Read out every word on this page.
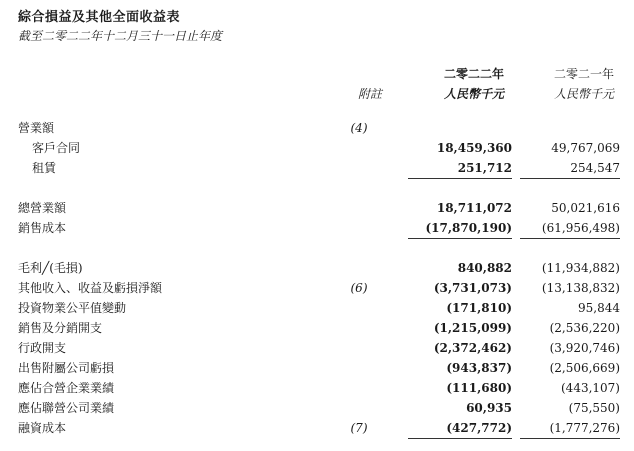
綜合損益及其他全面收益表
截至二零二二年十二月三十一日止年度
附註
二零二二年
人民幣千元
二零二一年
人民幣千元
營業額	(4)
客戶合同	18,459,360	49,767,069
租賃	251,712	254,547
總營業額	18,711,072	50,021,616
銷售成本	(17,870,190)	(61,956,498)
毛利╱(毛損)	840,882	(11,934,882)
其他收入、收益及虧損淨額	(6)	(3,731,073)	(13,138,832)
投資物業公平值變動	(171,810)	95,844
銷售及分銷開支	(1,215,099)	(2,536,220)
行政開支	(2,372,462)	(3,920,746)
出售附屬公司虧損	(943,837)	(2,506,669)
應佔合營企業業績	(111,680)	(443,107)
應佔聯營公司業績	60,935	(75,550)
融資成本	(7)	(427,772)	(1,777,276)
